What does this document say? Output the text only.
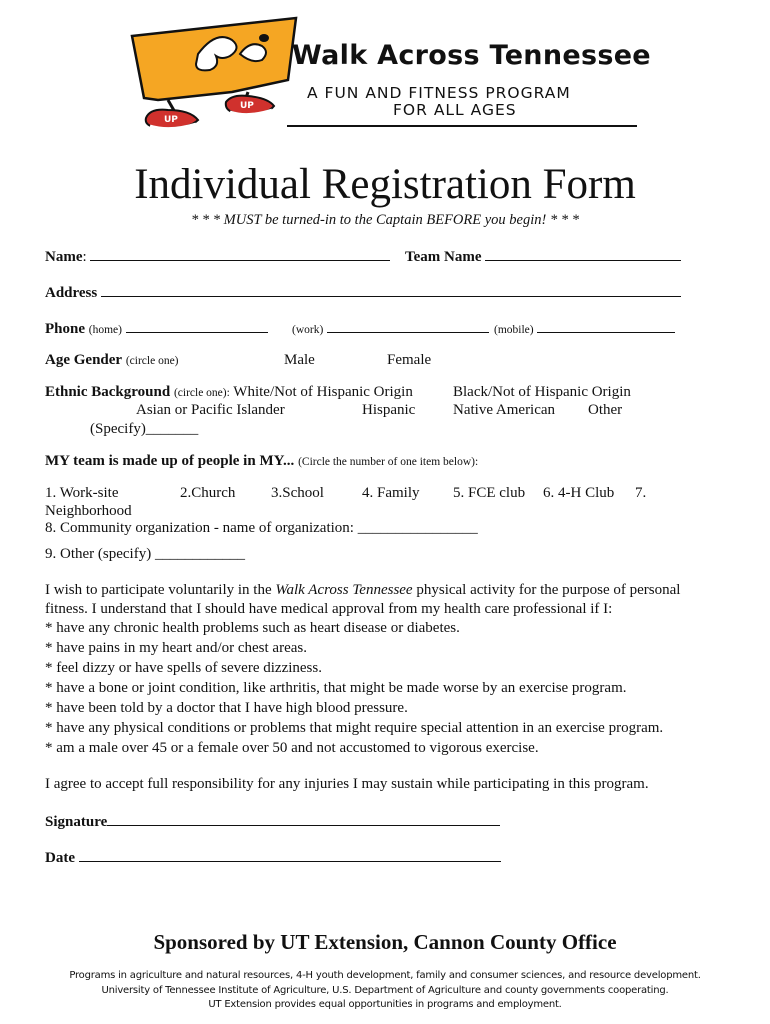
UP
UP
Walk Across Tennessee
A FUN AND FITNESS PROGRAM
FOR ALL AGES
Individual Registration Form
* * * MUST be turned-in to the Captain BEFORE you begin! * * *
Name:	Team Name
Address
Phone (home)	(work)	(mobile)
Age Gender (circle one)	Male	Female
Ethnic Background (circle one): White/Not of Hispanic Origin	Black/Not of Hispanic Origin
Asian or Pacific Islander	Hispanic	Native American Other
(Specify)_______
MY team is made up of people in MY... (Circle the number of one item below):
1. Work-site	2.Church 3.School	4. Family 5. FCE club 6. 4-H Club 7.
Neighborhood
8. Community organization - name of organization: ________________
9. Other (specify) ____________
I wish to participate voluntarily in the Walk Across Tennessee physical activity for the purpose of personal
fitness. I understand that I should have medical approval from my health care professional if I:
* have any chronic health problems such as heart disease or diabetes.
* have pains in my heart and/or chest areas.
* feel dizzy or have spells of severe dizziness.
* have a bone or joint condition, like arthritis, that might be made worse by an exercise program.
* have been told by a doctor that I have high blood pressure.
* have any physical conditions or problems that might require special attention in an exercise program.
* am a male over 45 or a female over 50 and not accustomed to vigorous exercise.
I agree to accept full responsibility for any injuries I may sustain while participating in this program.
Signature
Date
Sponsored by UT Extension, Cannon County Office
Programs in agriculture and natural resources, 4-H youth development, family and consumer sciences, and resource development.
University of Tennessee Institute of Agriculture, U.S. Department of Agriculture and county governments cooperating.
UT Extension provides equal opportunities in programs and employment.
